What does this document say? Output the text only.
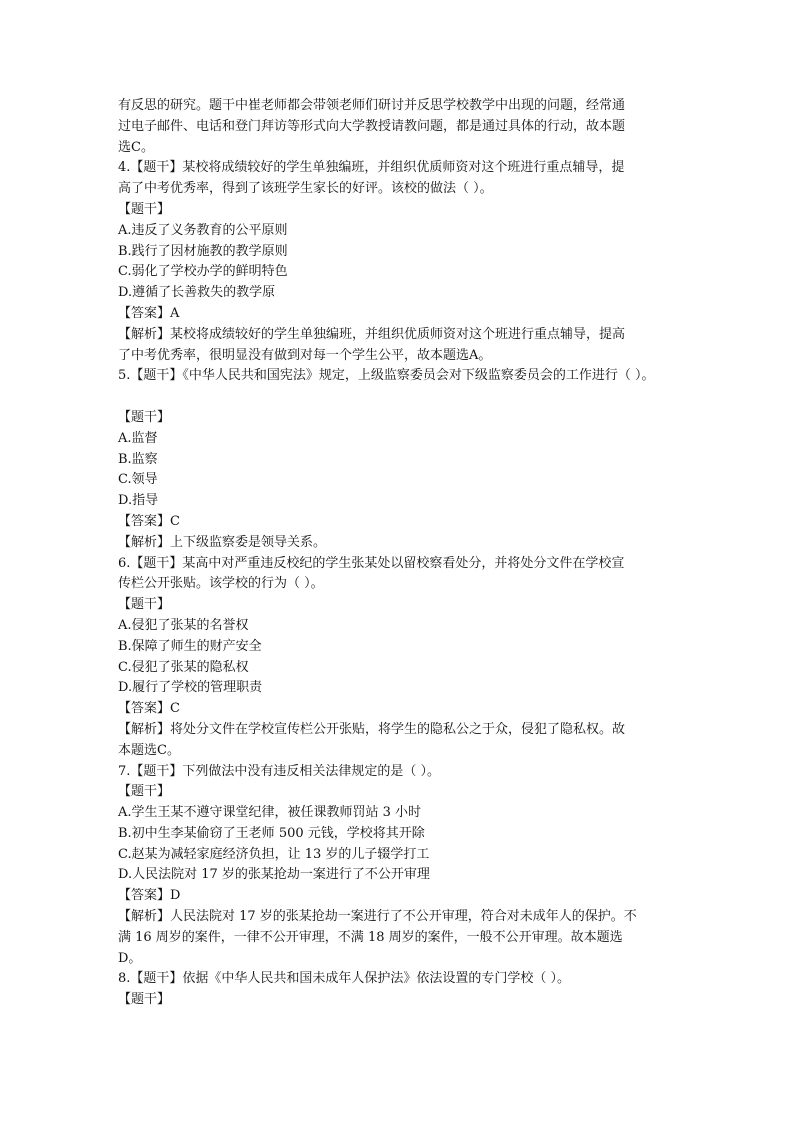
有反思的研究。题干中崔老师都会带领老师们研讨并反思学校教学中出现的问题，经常通
过电子邮件、电话和登门拜访等形式向大学教授请教问题，都是通过具体的行动，故本题
选C。
4.【题干】某校将成绩较好的学生单独编班，并组织优质师资对这个班进行重点辅导，提
高了中考优秀率，得到了该班学生家长的好评。该校的做法（ ）。
【题干】
A.违反了义务教育的公平原则
B.践行了因材施教的教学原则
C.弱化了学校办学的鲜明特色
D.遵循了长善救失的教学原
【答案】A
【解析】某校将成绩较好的学生单独编班，并组织优质师资对这个班进行重点辅导，提高
了中考优秀率，很明显没有做到对每一个学生公平，故本题选A。
5.【题干】《中华人民共和国宪法》规定，上级监察委员会对下级监察委员会的工作进行（ ）。
【题干】
A.监督
B.监察
C.领导
D.指导
【答案】C
【解析】上下级监察委是领导关系。
6.【题干】某高中对严重违反校纪的学生张某处以留校察看处分，并将处分文件在学校宣
传栏公开张贴。该学校的行为（ ）。
【题干】
A.侵犯了张某的名誉权
B.保障了师生的财产安全
C.侵犯了张某的隐私权
D.履行了学校的管理职责
【答案】C
【解析】将处分文件在学校宣传栏公开张贴，将学生的隐私公之于众，侵犯了隐私权。故
本题选C。
7.【题干】下列做法中没有违反相关法律规定的是（ ）。
【题干】
A.学生王某不遵守课堂纪律，被任课教师罚站 3 小时
B.初中生李某偷窃了王老师 500 元钱，学校将其开除
C.赵某为减轻家庭经济负担，让 13 岁的儿子辍学打工
D.人民法院对 17 岁的张某抢劫一案进行了不公开审理
【答案】D
【解析】人民法院对 17 岁的张某抢劫一案进行了不公开审理，符合对未成年人的保护。不
满 16 周岁的案件，一律不公开审理，不满 18 周岁的案件，一般不公开审理。故本题选
D。
8.【题干】依据《中华人民共和国未成年人保护法》依法设置的专门学校（ ）。
【题干】
